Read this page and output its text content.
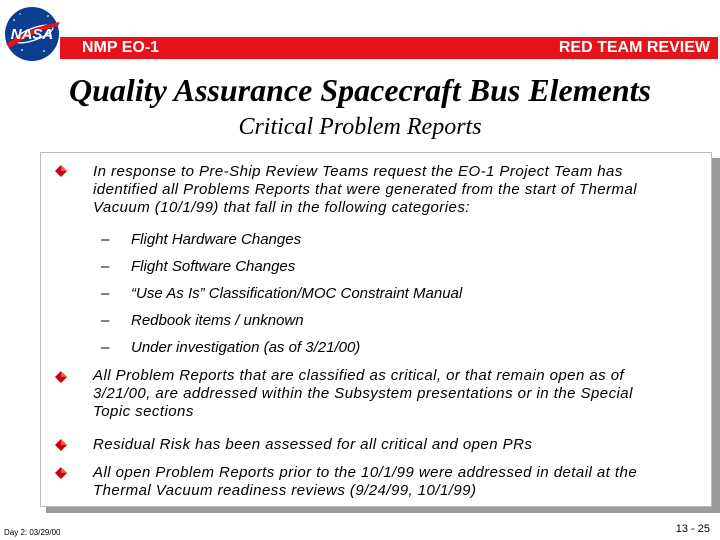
NASA
NMP EO-1	RED TEAM REVIEW
Quality Assurance Spacecraft Bus Elements
Critical Problem Reports
In response to Pre-Ship Review Teams request the EO-1 Project Team has identified all Problems Reports that were generated from the start of Thermal Vacuum (10/1/99) that fall in the following categories:
– Flight Hardware Changes
– Flight Software Changes
– “Use As Is” Classification/MOC Constraint Manual
– Redbook items / unknown
– Under investigation (as of 3/21/00)
All Problem Reports that are classified as critical, or that remain open as of 3/21/00, are addressed within the Subsystem presentations or in the Special Topic sections
Residual Risk has been assessed for all critical and open PRs
All open Problem Reports prior to the 10/1/99 were addressed in detail at the Thermal Vacuum readiness reviews (9/24/99, 10/1/99)
Day 2: 03/29/00	13 - 25
